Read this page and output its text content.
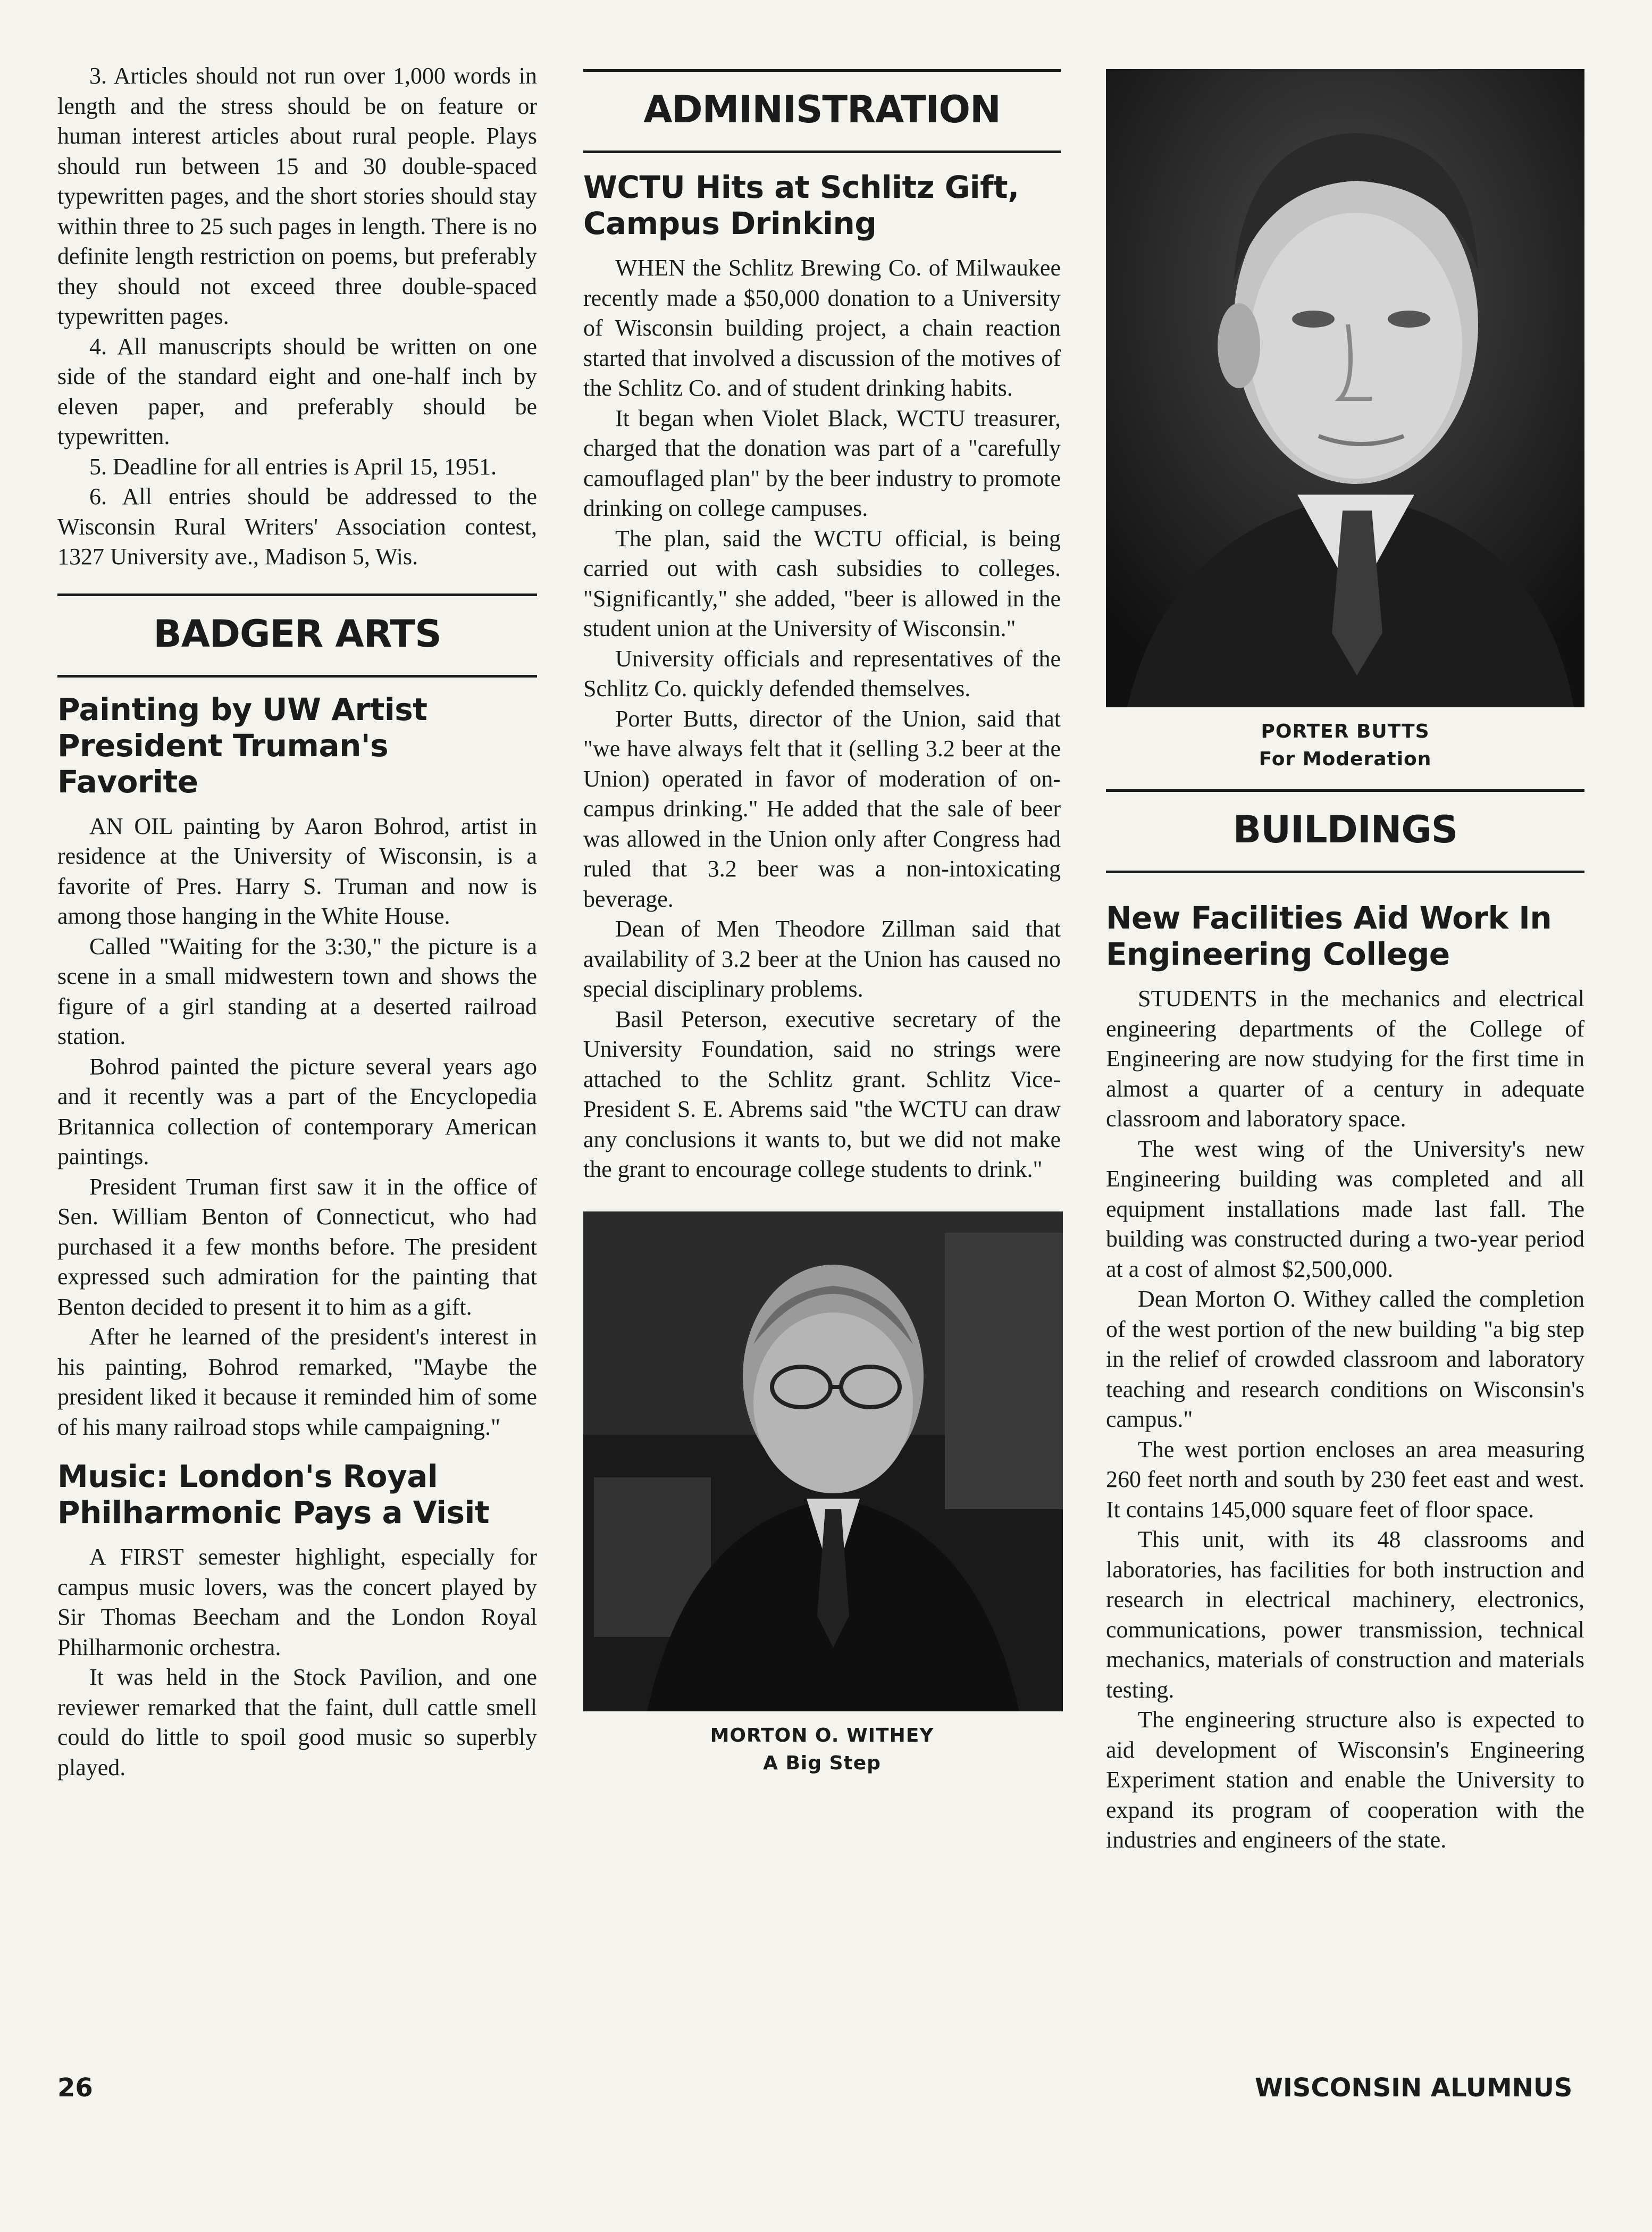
3. Articles should not run over 1,000 words in length and the stress should be on feature or human interest articles about rural people. Plays should run between 15 and 30 double-spaced typewritten pages, and the short stories should stay within three to 25 such pages in length. There is no definite length restriction on poems, but preferably they should not exceed three double-spaced typewritten pages.

4. All manuscripts should be written on one side of the standard eight and one-half inch by eleven paper, and preferably should be typewritten.

5. Deadline for all entries is April 15, 1951.

6. All entries should be addressed to the Wisconsin Rural Writers' Association contest, 1327 University ave., Madison 5, Wis.

BADGER ARTS
Painting by UW Artist President Truman's Favorite

AN OIL painting by Aaron Bohrod, artist in residence at the University of Wisconsin, is a favorite of Pres. Harry S. Truman and now is among those hanging in the White House.

Called "Waiting for the 3:30," the picture is a scene in a small midwestern town and shows the figure of a girl standing at a deserted railroad station.

Bohrod painted the picture several years ago and it recently was a part of the Encyclopedia Britannica collection of contemporary American paintings.

President Truman first saw it in the office of Sen. William Benton of Connecticut, who had purchased it a few months before. The president expressed such admiration for the painting that Benton decided to present it to him as a gift.

After he learned of the president's interest in his painting, Bohrod remarked, "Maybe the president liked it because it reminded him of some of his many railroad stops while campaigning."

Music: London's Royal Philharmonic Pays a Visit

A FIRST semester highlight, especially for campus music lovers, was the concert played by Sir Thomas Beecham and the London Royal Philharmonic orchestra.

It was held in the Stock Pavilion, and one reviewer remarked that the faint, dull cattle smell could do little to spoil good music so superbly played.

ADMINISTRATION
WCTU Hits at Schlitz Gift, Campus Drinking

WHEN the Schlitz Brewing Co. of Milwaukee recently made a $50,000 donation to a University of Wisconsin building project, a chain reaction started that involved a discussion of the motives of the Schlitz Co. and of student drinking habits.

It began when Violet Black, WCTU treasurer, charged that the donation was part of a "carefully camouflaged plan" by the beer industry to promote drinking on college campuses.

The plan, said the WCTU official, is being carried out with cash subsidies to colleges. "Significantly," she added, "beer is allowed in the student union at the University of Wisconsin."

University officials and representatives of the Schlitz Co. quickly defended themselves.

Porter Butts, director of the Union, said that "we have always felt that it (selling 3.2 beer at the Union) operated in favor of moderation of on-campus drinking." He added that the sale of beer was allowed in the Union only after Congress had ruled that 3.2 beer was a non-intoxicating beverage.

Dean of Men Theodore Zillman said that availability of 3.2 beer at the Union has caused no special disciplinary problems.

Basil Peterson, executive secretary of the University Foundation, said no strings were attached to the Schlitz grant. Schlitz Vice-President S. E. Abrems said "the WCTU can draw any conclusions it wants to, but we did not make the grant to encourage college students to drink."

MORTON O. WITHEY
A Big Step
PORTER BUTTS
For Moderation
BUILDINGS
New Facilities Aid Work In Engineering College

STUDENTS in the mechanics and electrical engineering departments of the College of Engineering are now studying for the first time in almost a quarter of a century in adequate classroom and laboratory space.

The west wing of the University's new Engineering building was completed and all equipment installations made last fall. The building was constructed during a two-year period at a cost of almost $2,500,000.

Dean Morton O. Withey called the completion of the west portion of the new building "a big step in the relief of crowded classroom and laboratory teaching and research conditions on Wisconsin's campus."

The west portion encloses an area measuring 260 feet north and south by 230 feet east and west. It contains 145,000 square feet of floor space.

This unit, with its 48 classrooms and laboratories, has facilities for both instruction and research in electrical machinery, electronics, communications, power transmission, technical mechanics, materials of construction and materials testing.

The engineering structure also is expected to aid development of Wisconsin's Engineering Experiment station and enable the University to expand its program of cooperation with the industries and engineers of the state.

26	WISCONSIN ALUMNUS
